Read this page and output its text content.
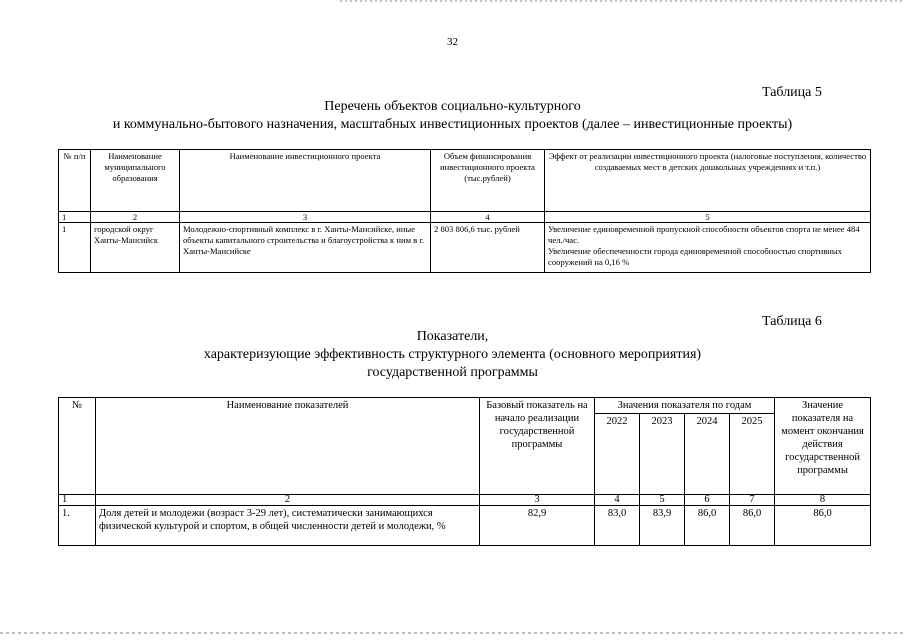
32
Таблица 5
Перечень объектов социально-культурного
и коммунально-бытового назначения, масштабных инвестиционных проектов (далее – инвестиционные проекты)
№ п/п	Наименование муниципального образования	Наименование инвестиционного проекта	Объем финансирования инвестиционного проекта (тыс.рублей)	Эффект от реализации инвестиционного проекта (налоговые поступления, количество создаваемых мест в детских дошкольных учреждениях и т.п.)
1	2	3	4	5
1	городской округ Ханты-Мансийск	Молодежно-спортивный комплекс в г. Ханты-Мансийске, иные объекты капитального строительства и благоустройства к ним в г. Ханты-Мансийске	2 803 806,6 тыс. рублей	Увеличение единовременной пропускной способности объектов спорта не менее 484 чел./час.
Увеличение обеспеченности города единовременной способностью спортивных сооружений на 0,16 %
Таблица 6
Показатели,
характеризующие эффективность структурного элемента (основного мероприятия)
государственной программы
№	Наименование показателей	Базовый показатель на начало реализации государственной программы	Значения показателя по годам				Значение показателя на момент окончания действия государственной программы
			2022	2023	2024	2025	
1	2	3	4	5	6	7	8
1.	Доля детей и молодежи (возраст 3-29 лет), систематически занимающихся физической культурой и спортом, в общей численности детей и молодежи, %	82,9	83,0	83,9	86,0	86,0	86,0
